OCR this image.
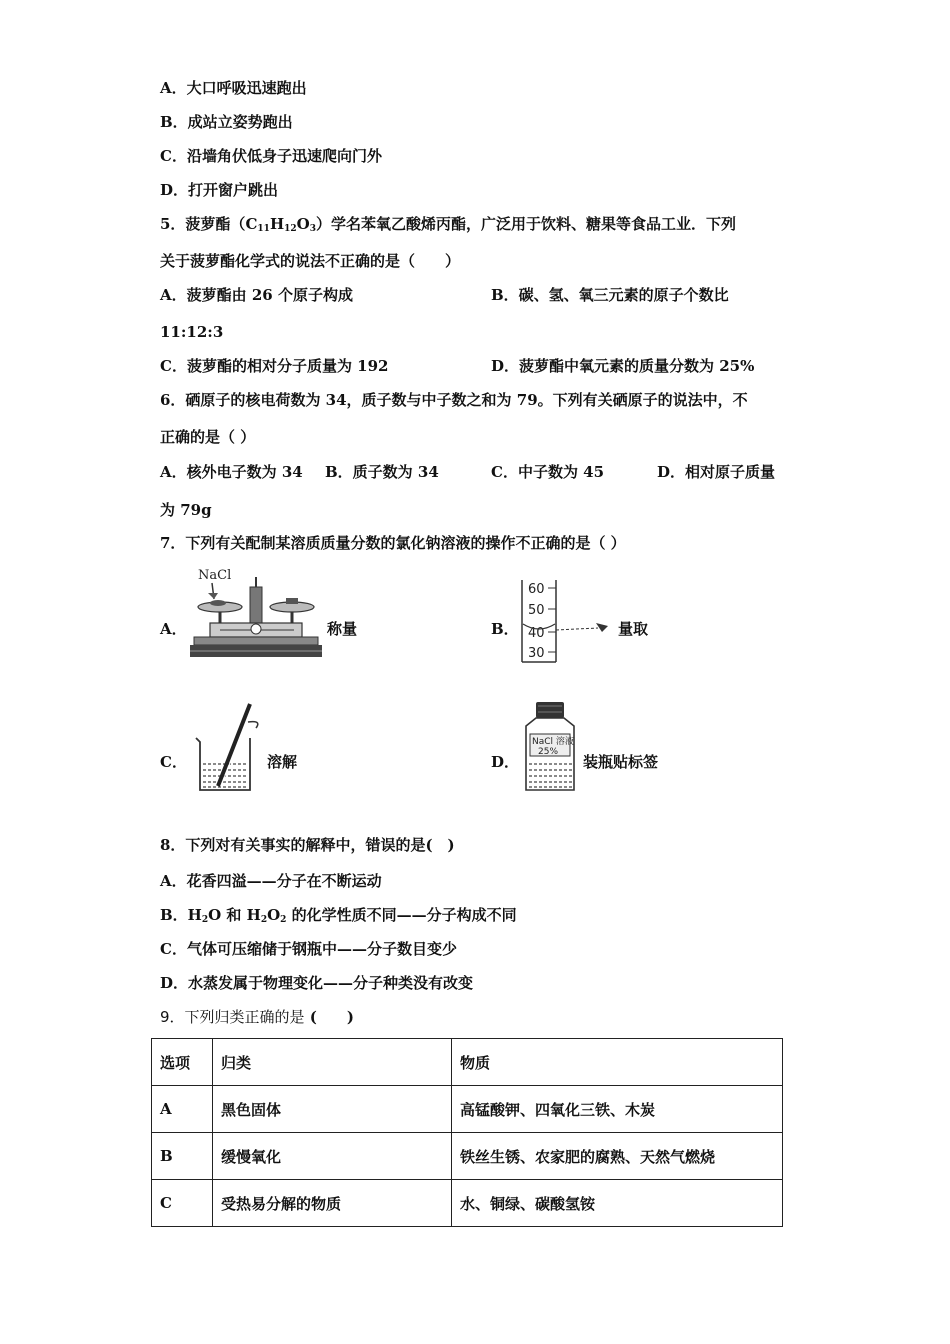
A．大口呼吸迅速跑出
B．成站立姿势跑出
C．沿墙角伏低身子迅速爬向门外
D．打开窗户跳出
5．菠萝酯$(C_{11}H_{12}O_3)$学名苯氧乙酸烯丙酯，广泛用于饮料、糖果等食品工业．下列
关于菠萝酯化学式的说法不正确的是（　　）
A．菠萝酯由 26 个原子构成	B．碳、氢、氧三元素的原子个数比
11:12:3
C．菠萝酯的相对分子质量为 192	D．菠萝酯中氧元素的质量分数为 25%
6．硒原子的核电荷数为 34，质子数与中子数之和为 79。下列有关硒原子的说法中，不
正确的是（ ）
A．核外电子数为 34 B．质子数为 34	C．中子数为 45	D．相对原子质量
为 79g
7．下列有关配制某溶质质量分数的氯化钠溶液的操作不正确的是（ ）
A．
NaCl
称量	B．
60
50
40
30
量取
C．	溶解	D．
NaCl 溶液
25%
装瓶贴标签
8．下列对有关事实的解释中，错误的是(　)
A．花香四溢——分子在不断运动
B．$H_2O$ 和 $H_2O_2$ 的化学性质不同——分子构成不同
C．气体可压缩储于钢瓶中——分子数目变少
D．水蒸发属于物理变化——分子种类没有改变
9．下列归类正确的是 (　　)
选项	归类	物质
A	黑色固体	高锰酸钾、四氧化三铁、木炭
B	缓慢氧化	铁丝生锈、农家肥的腐熟、天然气燃烧
C	受热易分解的物质	水、铜绿、碳酸氢铵
